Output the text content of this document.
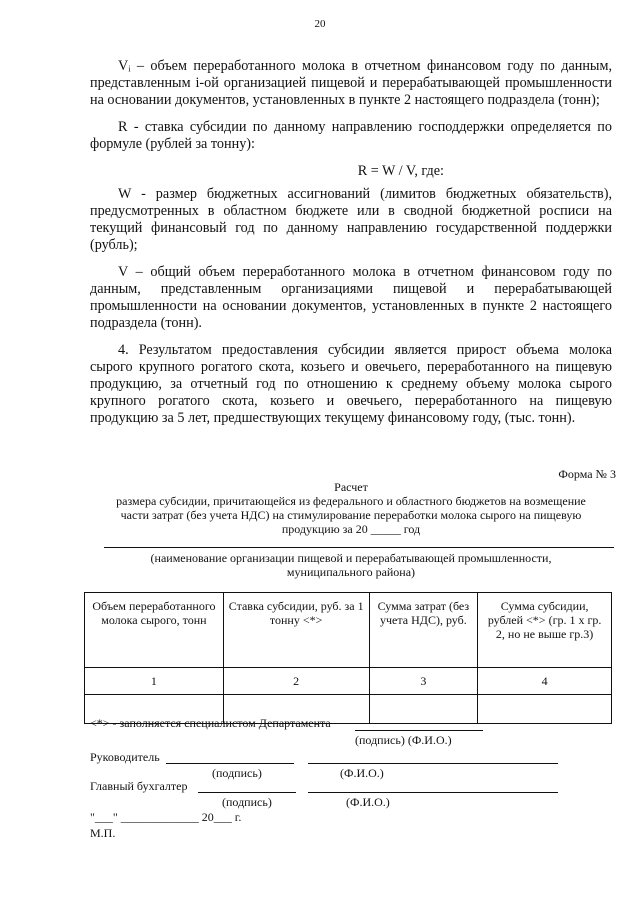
20

Vᵢ – объем переработанного молока в отчетном финансовом году по данным, представленным i-ой организацией пищевой и перерабатывающей промышленности на основании документов, установленных в пункте 2 настоящего подраздела (тонн);

R - ставка субсидии по данному направлению господдержки определяется по формуле (рублей за тонну):

R = W / V, где:

W - размер бюджетных ассигнований (лимитов бюджетных обязательств), предусмотренных в областном бюджете или в сводной бюджетной росписи на текущий финансовый год по данному направлению государственной поддержки (рубль);

V – общий объем переработанного молока в отчетном финансовом году по данным, представленным организациями пищевой и перерабатывающей промышленности на основании документов, установленных в пункте 2 настоящего подраздела (тонн).

4. Результатом предоставления субсидии является прирост объема молока сырого крупного рогатого скота, козьего и овечьего, переработанного на пищевую продукцию, за отчетный год по отношению к среднему объему молока сырого крупного рогатого скота, козьего и овечьего, переработанного на пищевую продукцию за 5 лет, предшествующих текущему финансовому году, (тыс. тонн).

Форма № 3
Расчет
размера субсидии, причитающейся из федерального и областного бюджетов на возмещение
части затрат (без учета НДС) на стимулирование переработки молока сырого на пищевую
продукцию за 20 _____ год
(наименование организации пищевой и перерабатывающей промышленности,
муниципального района)
Объем переработанного молока сырого, тонн	Ставка субсидии, руб. за 1 тонну <*>	Сумма затрат (без учета НДС), руб.	Сумма субсидии, рублей <*> (гр. 1 х гр. 2, но не выше гр.3)
1	2	3	4

<*> - заполняется специалистом Департамента
(подпись) (Ф.И.О.)
Руководитель
(подпись)	(Ф.И.О.)
Главный бухгалтер
(подпись)	(Ф.И.О.)
"___" _____________ 20___ г.
М.П.
